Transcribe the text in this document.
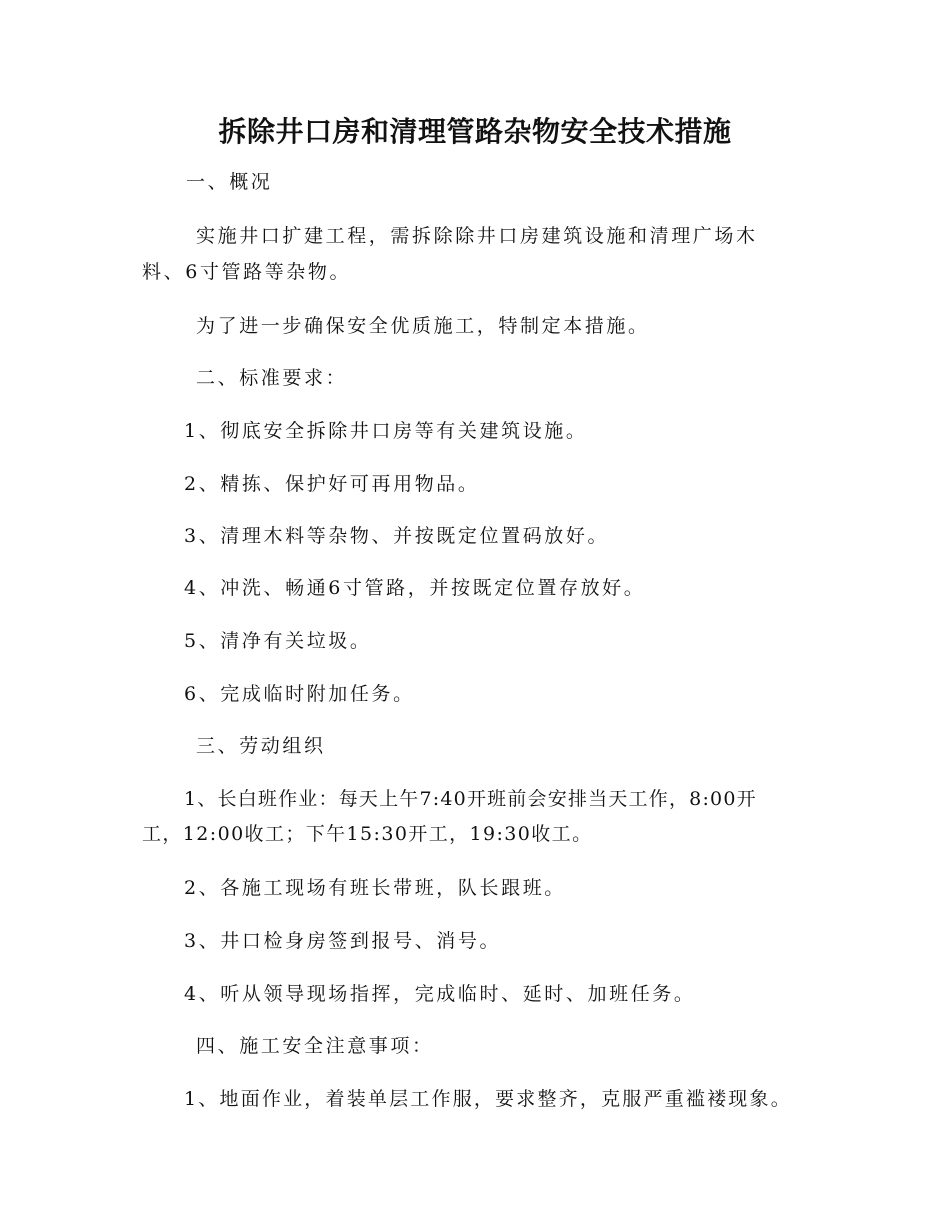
拆除井口房和清理管路杂物安全技术措施
一、概况
实施井口扩建工程，需拆除除井口房建筑设施和清理广场木
料、6寸管路等杂物。
为了进一步确保安全优质施工，特制定本措施。
二、标准要求：
1、彻底安全拆除井口房等有关建筑设施。
2、精拣、保护好可再用物品。
3、清理木料等杂物、并按既定位置码放好。
4、冲洗、畅通6寸管路，并按既定位置存放好。
5、清净有关垃圾。
6、完成临时附加任务。
三、劳动组织
1、长白班作业：每天上午7:40开班前会安排当天工作，8:00开
工，12:00收工；下午15:30开工，19:30收工。
2、各施工现场有班长带班，队长跟班。
3、井口检身房签到报号、消号。
4、听从领导现场指挥，完成临时、延时、加班任务。
四、施工安全注意事项：
1、地面作业，着装单层工作服，要求整齐，克服严重褴褛现象。
